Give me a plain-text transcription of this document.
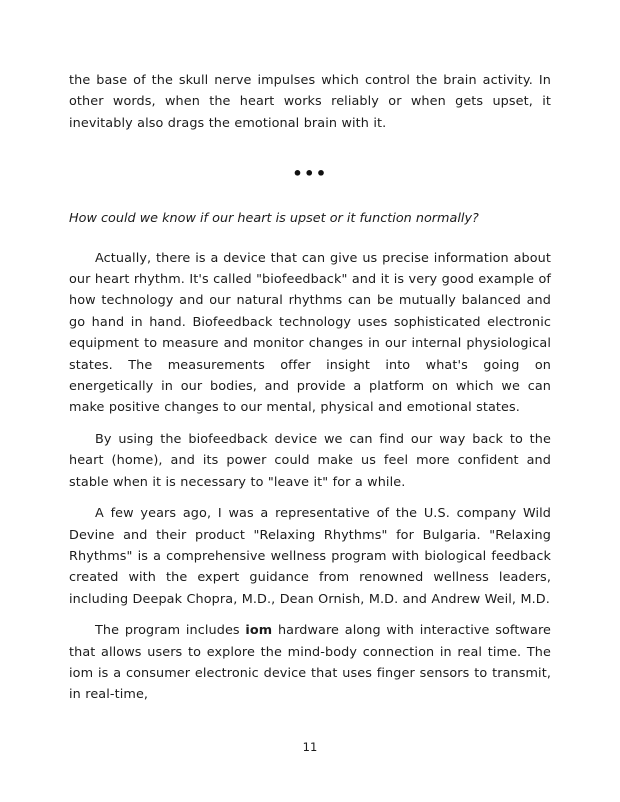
the base of the skull nerve impulses which control the brain activity. In other words, when the heart works reliably or when gets upset, it inevitably also drags the emotional brain with it.

•••

How could we know if our heart is upset or it function normally?

Actually, there is a device that can give us precise information about our heart rhythm. It's called "biofeedback" and it is very good example of how technology and our natural rhythms can be mutually balanced and go hand in hand. Biofeedback technology uses sophisticated electronic equipment to measure and monitor changes in our internal physiological states. The measurements offer insight into what's going on energetically in our bodies, and provide a platform on which we can make positive changes to our mental, physical and emotional states.

By using the biofeedback device we can find our way back to the heart (home), and its power could make us feel more confident and stable when it is necessary to "leave it" for a while.

A few years ago, I was a representative of the U.S. company Wild Devine and their product "Relaxing Rhythms" for Bulgaria. "Relaxing Rhythms" is a comprehensive wellness program with biological feedback created with the expert guidance from renowned wellness leaders, including Deepak Chopra, M.D., Dean Ornish, M.D. and Andrew Weil, M.D.

The program includes iom hardware along with interactive software that allows users to explore the mind-body connection in real time. The iom is a consumer electronic device that uses finger sensors to transmit, in real-time,

11
